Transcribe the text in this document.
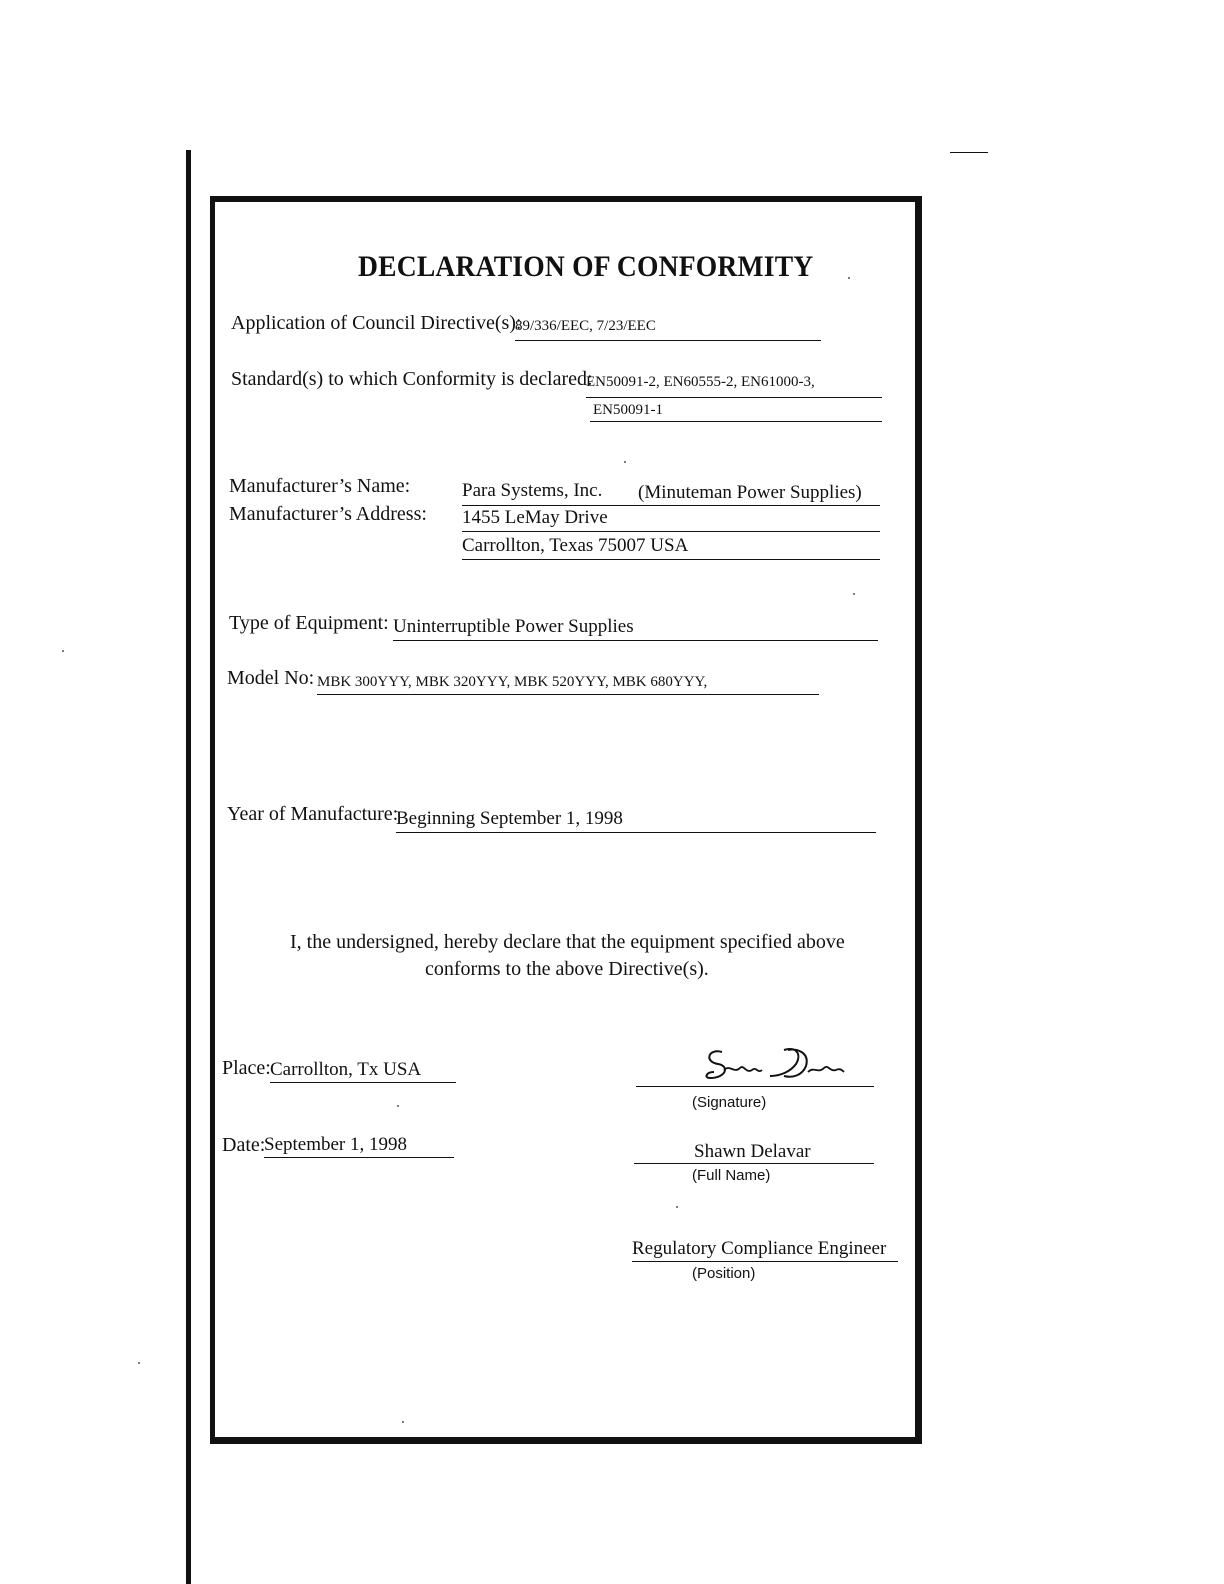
DECLARATION OF CONFORMITY
Application of Council Directive(s):
89/336/EEC, 7/23/EEC
Standard(s) to which Conformity is declared:
EN50091-2, EN60555-2, EN61000-3,
EN50091-1
Manufacturer’s Name:
Manufacturer’s Address:
Para Systems, Inc. (Minuteman Power Supplies)
1455 LeMay Drive
Carrollton, Texas 75007 USA
Type of Equipment: Uninterruptible Power Supplies
Model No: MBK 300YYY, MBK 320YYY, MBK 520YYY, MBK 680YYY,
Year of Manufacture:
Beginning September 1, 1998
I, the undersigned, hereby declare that the equipment specified above
conforms to the above Directive(s).
Place: Carrollton, Tx USA
Date:
September 1, 1998
(Signature)
Shawn Delavar
(Full Name)
Regulatory Compliance Engineer
(Position)
